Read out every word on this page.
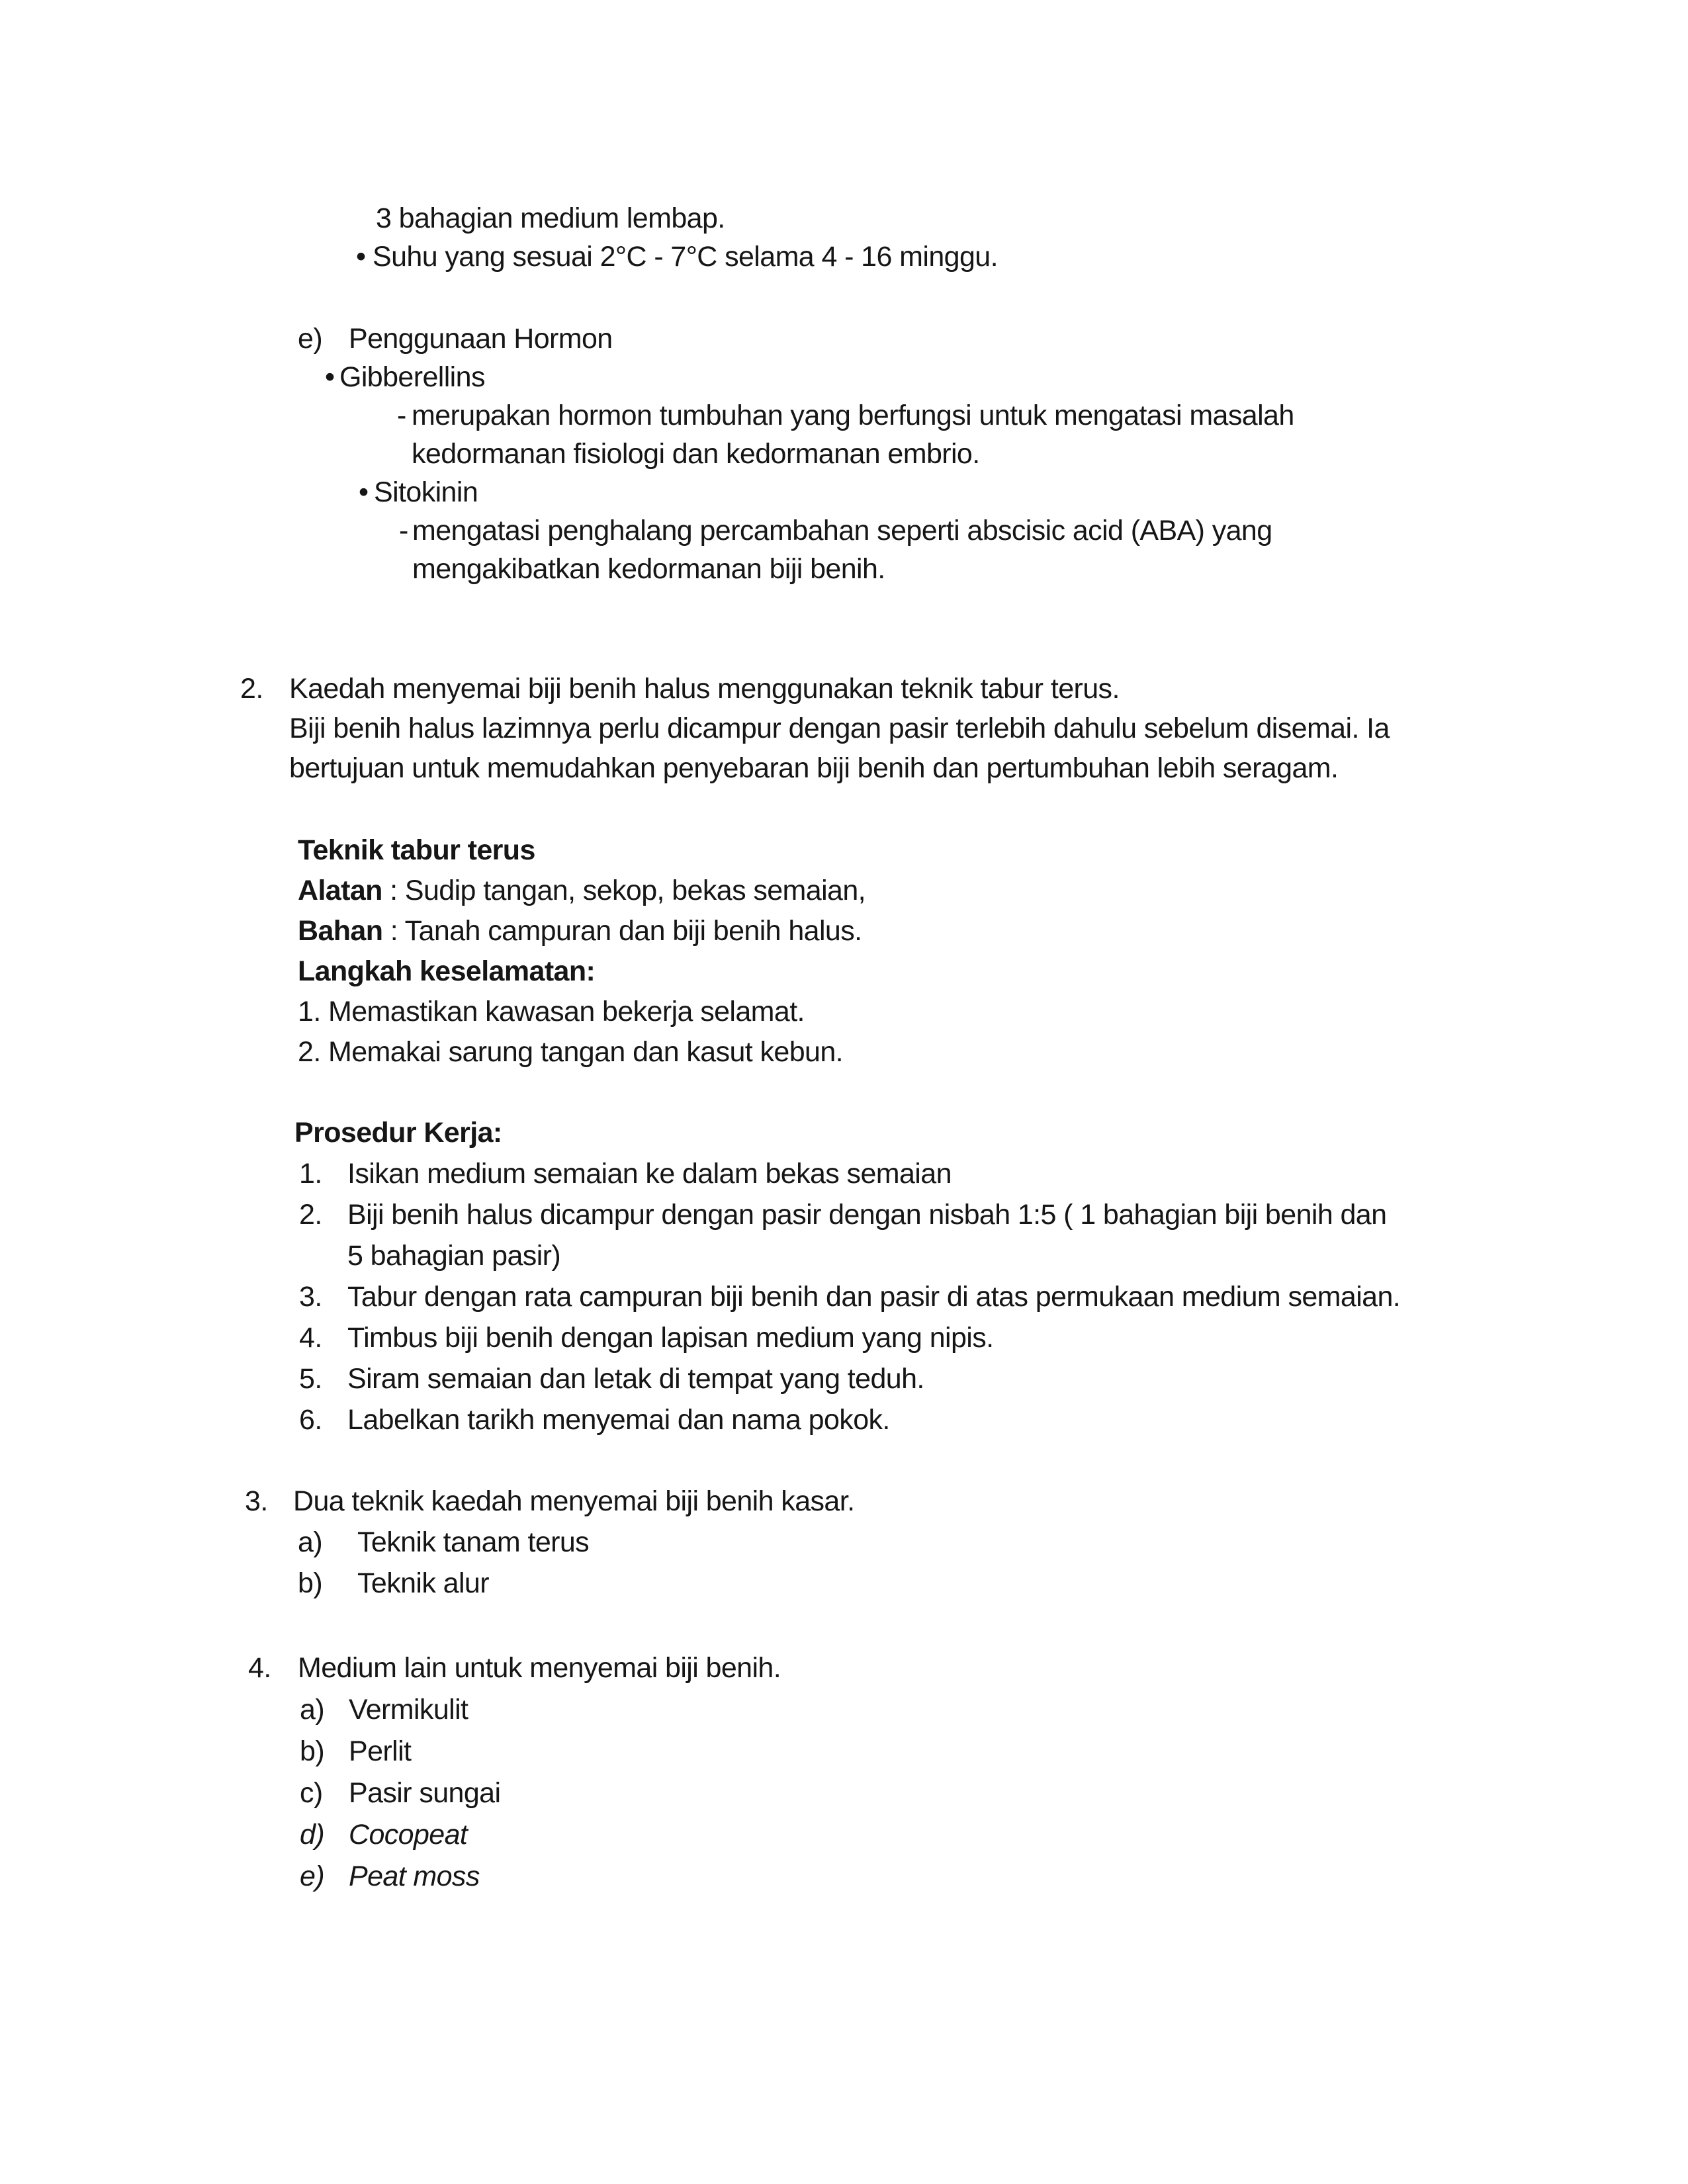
3 bahagian medium lembap.
• Suhu yang sesuai 2°C - 7°C selama 4 - 16 minggu.
e) Penggunaan Hormon
• Gibberellins
- merupakan hormon tumbuhan yang berfungsi untuk mengatasi masalah
kedormanan fisiologi dan kedormanan embrio.
• Sitokinin
- mengatasi penghalang percambahan seperti abscisic acid (ABA) yang
mengakibatkan kedormanan biji benih.
2. Kaedah menyemai biji benih halus menggunakan teknik tabur terus.
Biji benih halus lazimnya perlu dicampur dengan pasir terlebih dahulu sebelum disemai. Ia
bertujuan untuk memudahkan penyebaran biji benih dan pertumbuhan lebih seragam.
Teknik tabur terus
Alatan : Sudip tangan, sekop, bekas semaian,
Bahan : Tanah campuran dan biji benih halus.
Langkah keselamatan:
1. Memastikan kawasan bekerja selamat.
2. Memakai sarung tangan dan kasut kebun.
Prosedur Kerja:
1. Isikan medium semaian ke dalam bekas semaian
2. Biji benih halus dicampur dengan pasir dengan nisbah 1:5 ( 1 bahagian biji benih dan
5 bahagian pasir)
3. Tabur dengan rata campuran biji benih dan pasir di atas permukaan medium semaian.
4. Timbus biji benih dengan lapisan medium yang nipis.
5. Siram semaian dan letak di tempat yang teduh.
6. Labelkan tarikh menyemai dan nama pokok.
3. Dua teknik kaedah menyemai biji benih kasar.
a) Teknik tanam terus
b) Teknik alur
4. Medium lain untuk menyemai biji benih.
a) Vermikulit
b) Perlit
c) Pasir sungai
d) Cocopeat
e) Peat moss
